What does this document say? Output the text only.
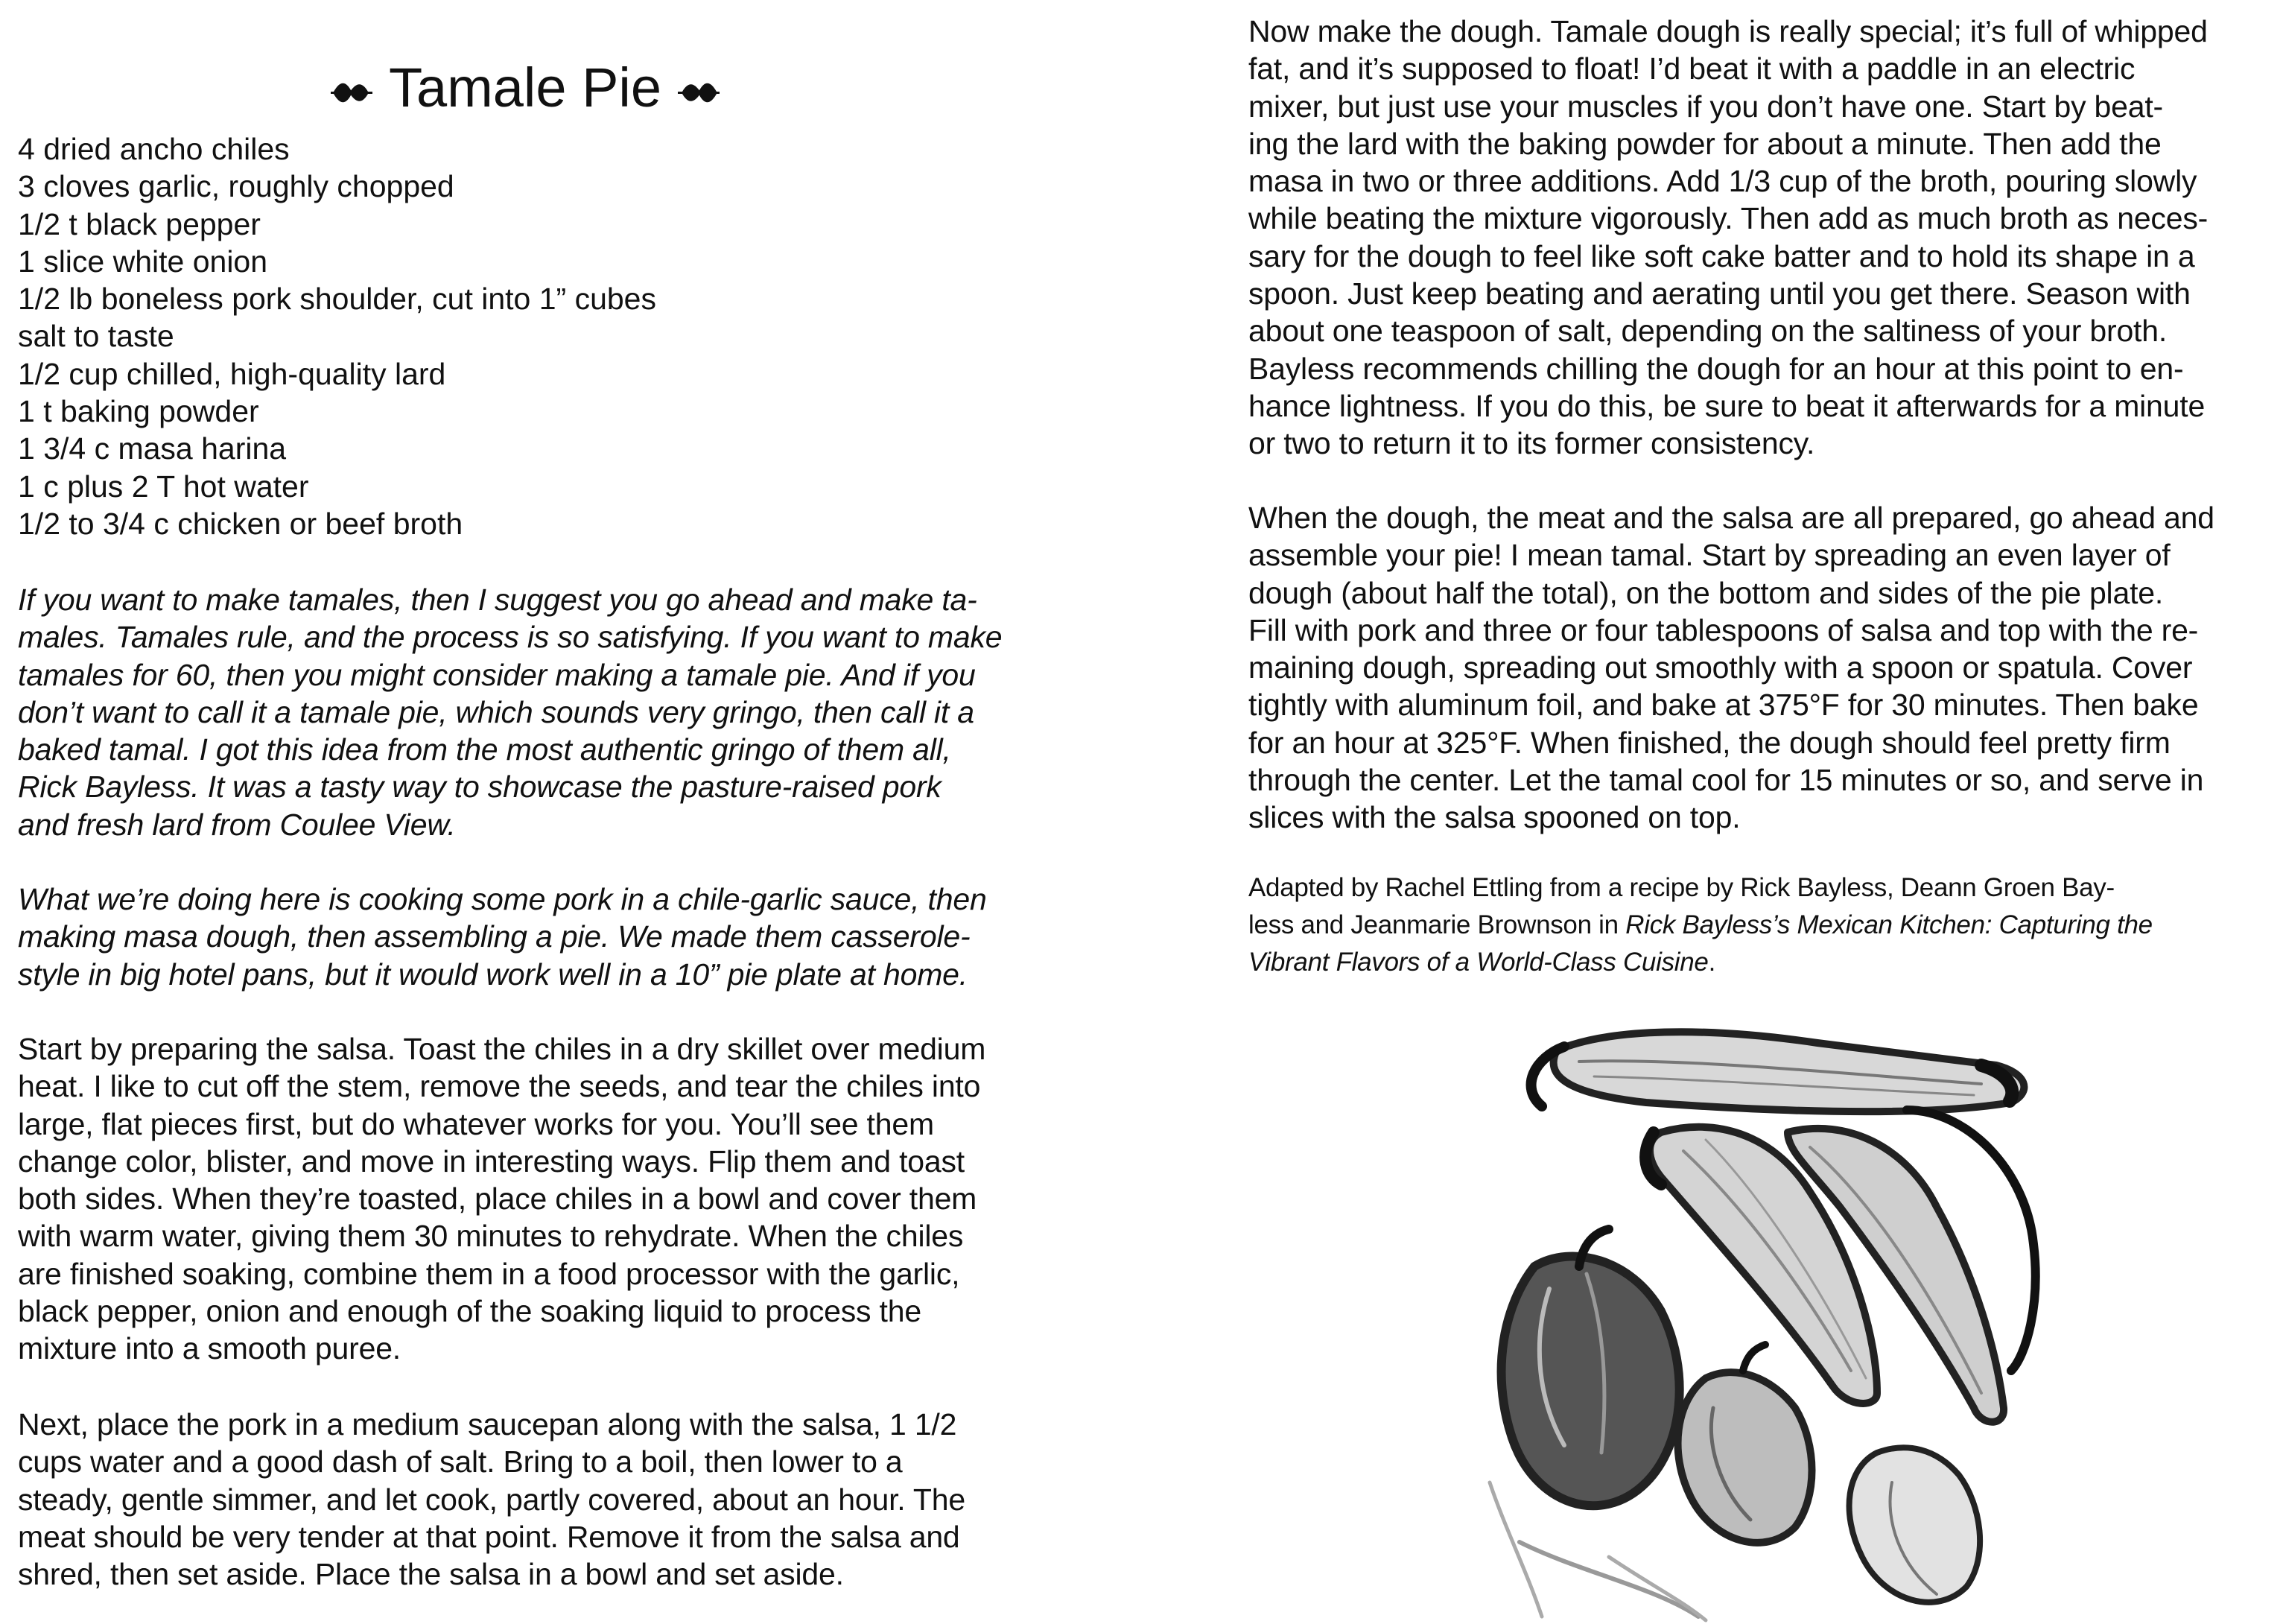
Tamale Pie
4 dried ancho chiles
3 cloves garlic, roughly chopped
1/2 t black pepper
1 slice white onion
1/2 lb boneless pork shoulder, cut into 1” cubes
salt to taste
1/2 cup chilled, high-quality lard
1 t baking powder
1 3/4 c masa harina
1 c plus 2 T hot water
1/2 to 3/4 c chicken or beef broth

If you want to make tamales, then I suggest you go ahead and make ta-
males. Tamales rule, and the process is so satisfying. If you want to make
tamales for 60, then you might consider making a tamale pie. And if you
don’t want to call it a tamale pie, which sounds very gringo, then call it a
baked tamal. I got this idea from the most authentic gringo of them all,
Rick Bayless. It was a tasty way to showcase the pasture-raised pork
and fresh lard from Coulee View.

What we’re doing here is cooking some pork in a chile-garlic sauce, then
making masa dough, then assembling a pie. We made them casserole-
style in big hotel pans, but it would work well in a 10” pie plate at home.

Start by preparing the salsa. Toast the chiles in a dry skillet over medium
heat. I like to cut off the stem, remove the seeds, and tear the chiles into
large, flat pieces first, but do whatever works for you. You’ll see them
change color, blister, and move in interesting ways. Flip them and toast
both sides. When they’re toasted, place chiles in a bowl and cover them
with warm water, giving them 30 minutes to rehydrate. When the chiles
are finished soaking, combine them in a food processor with the garlic,
black pepper, onion and enough of the soaking liquid to process the
mixture into a smooth puree.

Next, place the pork in a medium saucepan along with the salsa, 1 1/2
cups water and a good dash of salt. Bring to a boil, then lower to a
steady, gentle simmer, and let cook, partly covered, about an hour. The
meat should be very tender at that point. Remove it from the salsa and
shred, then set aside. Place the salsa in a bowl and set aside.

Now make the dough. Tamale dough is really special; it’s full of whipped
fat, and it’s supposed to float! I’d beat it with a paddle in an electric
mixer, but just use your muscles if you don’t have one. Start by beat-
ing the lard with the baking powder for about a minute. Then add the
masa in two or three additions. Add 1/3 cup of the broth, pouring slowly
while beating the mixture vigorously. Then add as much broth as neces-
sary for the dough to feel like soft cake batter and to hold its shape in a
spoon. Just keep beating and aerating until you get there. Season with
about one teaspoon of salt, depending on the saltiness of your broth.
Bayless recommends chilling the dough for an hour at this point to en-
hance lightness. If you do this, be sure to beat it afterwards for a minute
or two to return it to its former consistency.

When the dough, the meat and the salsa are all prepared, go ahead and
assemble your pie! I mean tamal. Start by spreading an even layer of
dough (about half the total), on the bottom and sides of the pie plate.
Fill with pork and three or four tablespoons of salsa and top with the re-
maining dough, spreading out smoothly with a spoon or spatula. Cover
tightly with aluminum foil, and bake at 375°F for 30 minutes. Then bake
for an hour at 325°F. When finished, the dough should feel pretty firm
through the center. Let the tamal cool for 15 minutes or so, and serve in
slices with the salsa spooned on top.

Adapted by Rachel Ettling from a recipe by Rick Bayless, Deann Groen Bay-
less and Jeanmarie Brownson in Rick Bayless’s Mexican Kitchen: Capturing the
Vibrant Flavors of a World-Class Cuisine.
